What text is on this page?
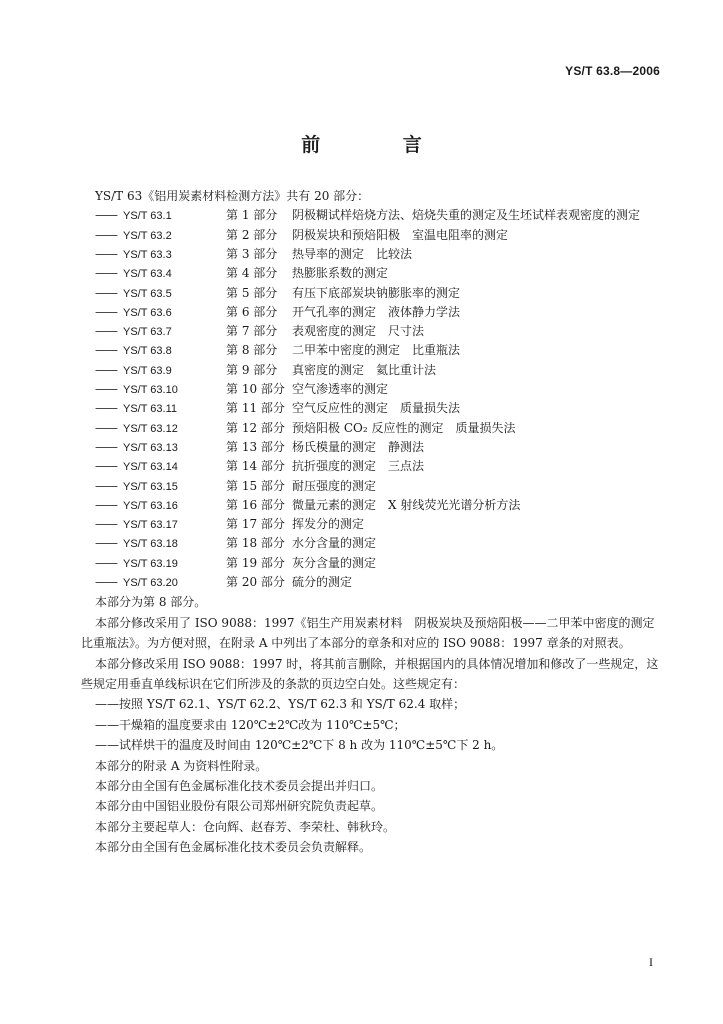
YS/T 63.8—2006
前 言

YS/T 63《铝用炭素材料检测方法》共有 20 部分：

—— YS/T 63.1	第 1 部分 阴极糊试样焙烧方法、焙烧失重的测定及生坯试样表观密度的测定
—— YS/T 63.2	第 2 部分 阴极炭块和预焙阳极　室温电阻率的测定
—— YS/T 63.3	第 3 部分 热导率的测定　比较法
—— YS/T 63.4	第 4 部分 热膨胀系数的测定
—— YS/T 63.5	第 5 部分 有压下底部炭块钠膨胀率的测定
—— YS/T 63.6	第 6 部分 开气孔率的测定　液体静力学法
—— YS/T 63.7	第 7 部分 表观密度的测定　尺寸法
—— YS/T 63.8	第 8 部分 二甲苯中密度的测定　比重瓶法
—— YS/T 63.9	第 9 部分 真密度的测定　氦比重计法
—— YS/T 63.10	第 10 部分 空气渗透率的测定
—— YS/T 63.11	第 11 部分 空气反应性的测定　质量损失法
—— YS/T 63.12	第 12 部分 预焙阳极 CO₂ 反应性的测定　质量损失法
—— YS/T 63.13	第 13 部分 杨氏模量的测定　静测法
—— YS/T 63.14	第 14 部分 抗折强度的测定　三点法
—— YS/T 63.15	第 15 部分 耐压强度的测定
—— YS/T 63.16	第 16 部分 微量元素的测定　X 射线荧光光谱分析方法
—— YS/T 63.17	第 17 部分 挥发分的测定
—— YS/T 63.18	第 18 部分 水分含量的测定
—— YS/T 63.19	第 19 部分 灰分含量的测定
—— YS/T 63.20	第 20 部分 硫分的测定

本部分为第 8 部分。

本部分修改采用了 ISO 9088：1997《铝生产用炭素材料　阴极炭块及预焙阳极——二甲苯中密度的测定　比重瓶法》。为方便对照，在附录 A 中列出了本部分的章条和对应的 ISO 9088：1997 章条的对照表。

本部分修改采用 ISO 9088：1997 时，将其前言删除，并根据国内的具体情况增加和修改了一些规定，这些规定用垂直单线标识在它们所涉及的条款的页边空白处。这些规定有：

——按照 YS/T 62.1、YS/T 62.2、YS/T 62.3 和 YS/T 62.4 取样；

——干燥箱的温度要求由 120℃±2℃改为 110℃±5℃；

——试样烘干的温度及时间由 120℃±2℃下 8 h 改为 110℃±5℃下 2 h。

本部分的附录 A 为资料性附录。

本部分由全国有色金属标准化技术委员会提出并归口。

本部分由中国铝业股份有限公司郑州研究院负责起草。

本部分主要起草人：仓向辉、赵春芳、李荣杜、韩秋玲。

本部分由全国有色金属标准化技术委员会负责解释。

I
